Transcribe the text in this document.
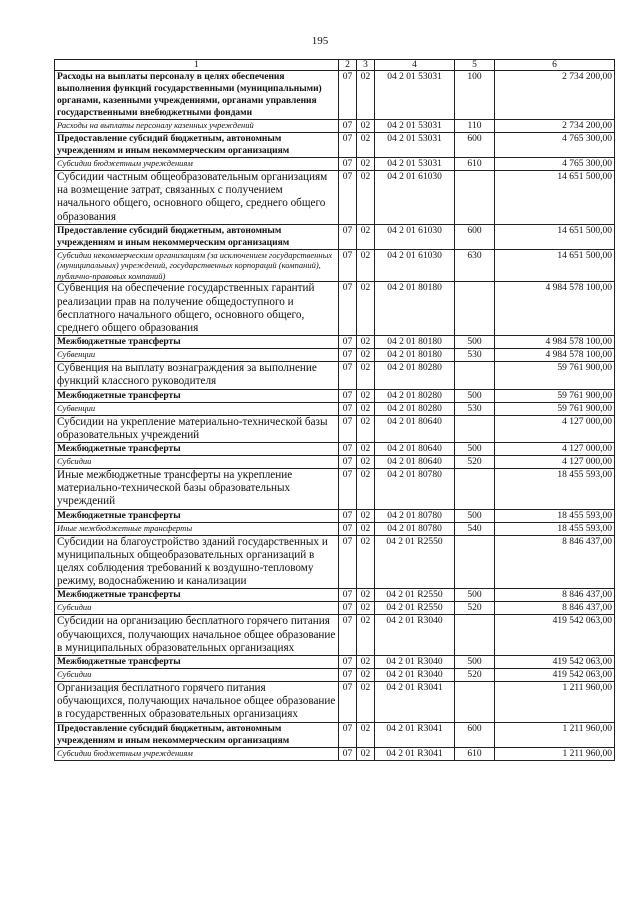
195
1	2	3	4	5	6
Расходы на выплаты персоналу в целях обеспечения выполнения функций государственными (муниципальными) органами, казенными учреждениями, органами управления государственными внебюджетными фондами	07	02	04 2 01 53031	100	2 734 200,00
Расходы на выплаты персоналу казенных учреждений	07	02	04 2 01 53031	110	2 734 200,00
Предоставление субсидий бюджетным, автономным учреждениям и иным некоммерческим организациям	07	02	04 2 01 53031	600	4 765 300,00
Субсидии бюджетным учреждениям	07	02	04 2 01 53031	610	4 765 300,00
Субсидии частным общеобразовательным организациям на возмещение затрат, связанных с получением начального общего, основного общего, среднего общего образования	07	02	04 2 01 61030		14 651 500,00
Предоставление субсидий бюджетным, автономным учреждениям и иным некоммерческим организациям	07	02	04 2 01 61030	600	14 651 500,00
Субсидии некоммерческим организациям (за исключением государственных (муниципальных) учреждений, государственных корпораций (компаний), публично-правовых компаний)	07	02	04 2 01 61030	630	14 651 500,00
Субвенция на обеспечение государственных гарантий реализации прав на получение общедоступного и бесплатного начального общего, основного общего, среднего общего образования	07	02	04 2 01 80180		4 984 578 100,00
Межбюджетные трансферты	07	02	04 2 01 80180	500	4 984 578 100,00
Субвенции	07	02	04 2 01 80180	530	4 984 578 100,00
Субвенция на выплату вознаграждения за выполнение функций классного руководителя	07	02	04 2 01 80280		59 761 900,00
Межбюджетные трансферты	07	02	04 2 01 80280	500	59 761 900,00
Субвенции	07	02	04 2 01 80280	530	59 761 900,00
Субсидии на укрепление материально-технической базы образовательных учреждений	07	02	04 2 01 80640		4 127 000,00
Межбюджетные трансферты	07	02	04 2 01 80640	500	4 127 000,00
Субсидии	07	02	04 2 01 80640	520	4 127 000,00
Иные межбюджетные трансферты на укрепление материально-технической базы образовательных учреждений	07	02	04 2 01 80780		18 455 593,00
Межбюджетные трансферты	07	02	04 2 01 80780	500	18 455 593,00
Иные межбюджетные трансферты	07	02	04 2 01 80780	540	18 455 593,00
Субсидии на благоустройство зданий государственных и муниципальных общеобразовательных организаций в целях соблюдения требований к воздушно-тепловому режиму, водоснабжению и канализации	07	02	04 2 01 R2550		8 846 437,00
Межбюджетные трансферты	07	02	04 2 01 R2550	500	8 846 437,00
Субсидии	07	02	04 2 01 R2550	520	8 846 437,00
Субсидии на организацию бесплатного горячего питания обучающихся, получающих начальное общее образование в муниципальных образовательных организациях	07	02	04 2 01 R3040		419 542 063,00
Межбюджетные трансферты	07	02	04 2 01 R3040	500	419 542 063,00
Субсидии	07	02	04 2 01 R3040	520	419 542 063,00
Организация бесплатного горячего питания обучающихся, получающих начальное общее образование в государственных образовательных организациях	07	02	04 2 01 R3041		1 211 960,00
Предоставление субсидий бюджетным, автономным учреждениям и иным некоммерческим организациям	07	02	04 2 01 R3041	600	1 211 960,00
Субсидии бюджетным учреждениям	07	02	04 2 01 R3041	610	1 211 960,00
